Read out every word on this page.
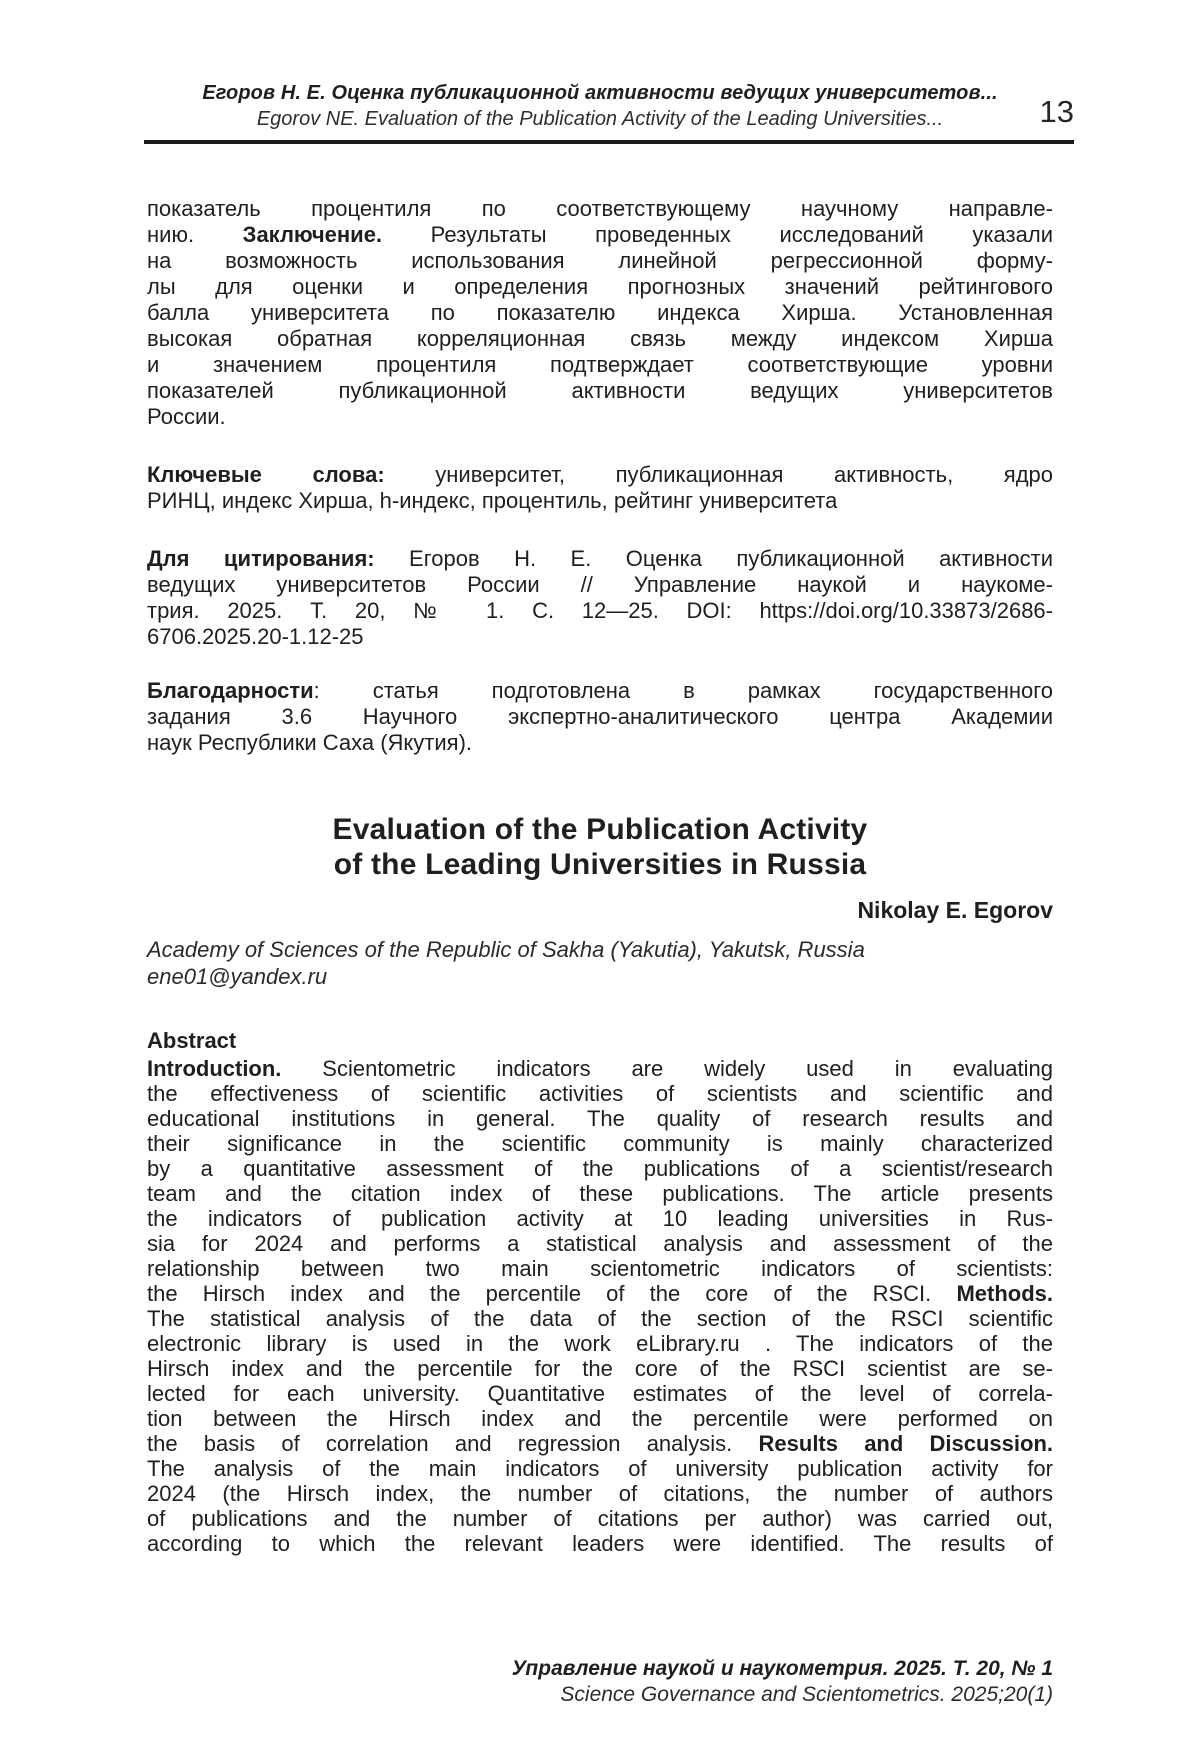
Егоров Н. Е. Оценка публикационной активности ведущих университетов...
Egorov NE. Evaluation of the Publication Activity of the Leading Universities...	13
показатель процентиля по соответствующему научному направле-
нию. Заключение. Результаты проведенных исследований указали
на возможность использования линейной регрессионной форму-
лы для оценки и определения прогнозных значений рейтингового
балла университета по показателю индекса Хирша. Установленная
высокая обратная корреляционная связь между индексом Хирша
и значением процентиля подтверждает соответствующие уровни
показателей публикационной активности ведущих университетов
России.
Ключевые слова: университет, публикационная активность, ядро
РИНЦ, индекс Хирша, h-индекс, процентиль, рейтинг университета
Для цитирования: Егоров Н. Е. Оценка публикационной активности
ведущих университетов России // Управление наукой и наукоме-
трия. 2025. Т. 20, № 1. С. 12—25. DOI: https://doi.org/10.33873/2686-
6706.2025.20-1.12-25
Благодарности: статья подготовлена в рамках государственного
задания 3.6 Научного экспертно-аналитического центра Академии
наук Республики Саха (Якутия).
Evaluation of the Publication Activity
of the Leading Universities in Russia
Nikolay E. Egorov
Academy of Sciences of the Republic of Sakha (Yakutia), Yakutsk, Russia
ene01@yandex.ru
Abstract
Introduction. Scientometric indicators are widely used in evaluating
the effectiveness of scientific activities of scientists and scientific and
educational institutions in general. The quality of research results and
their significance in the scientific community is mainly characterized
by a quantitative assessment of the publications of a scientist/research
team and the citation index of these publications. The article presents
the indicators of publication activity at 10 leading universities in Rus-
sia for 2024 and performs a statistical analysis and assessment of the
relationship between two main scientometric indicators of scientists:
the Hirsch index and the percentile of the core of the RSCI. Methods.
The statistical analysis of the data of the section of the RSCI scientific
electronic library is used in the work eLibrary.ru . The indicators of the
Hirsch index and the percentile for the core of the RSCI scientist are se-
lected for each university. Quantitative estimates of the level of correla-
tion between the Hirsch index and the percentile were performed on
the basis of correlation and regression analysis. Results and Discussion.
The analysis of the main indicators of university publication activity for
2024 (the Hirsch index, the number of citations, the number of authors
of publications and the number of citations per author) was carried out,
according to which the relevant leaders were identified. The results of
Управление наукой и наукометрия. 2025. Т. 20, № 1
Science Governance and Scientometrics. 2025;20(1)
